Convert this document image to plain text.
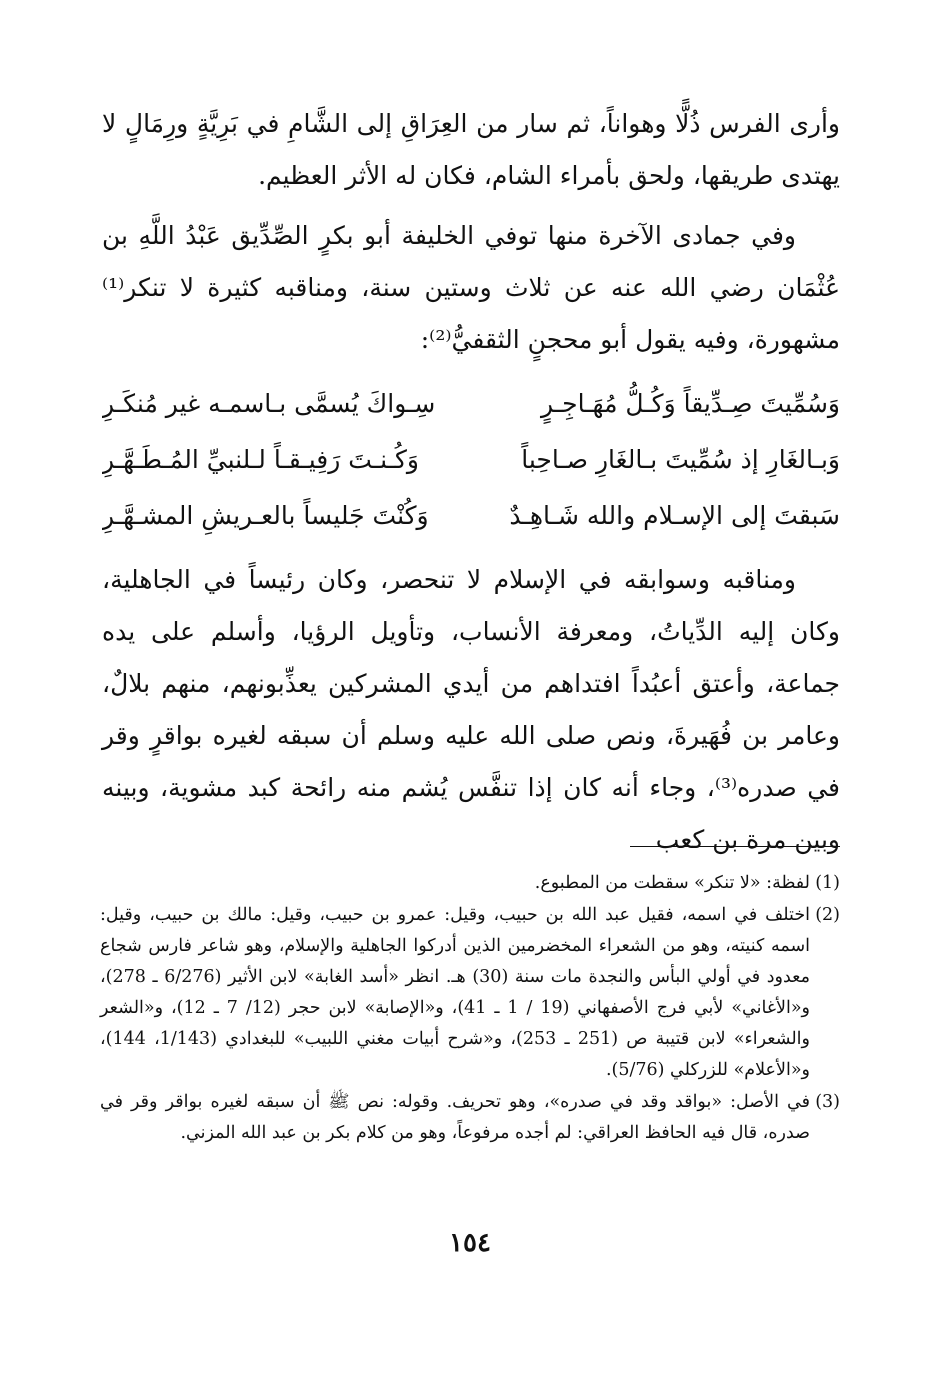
وأرى الفرس ذُلًّا وهواناً، ثم سار من العِرَاقِ إلى الشَّامِ في بَرِيَّةٍ ورِمَالٍ لا يهتدى طريقها، ولحق بأمراء الشام، فكان له الأثر العظيم.

وفي جمادى الآخرة منها توفي الخليفة أبو بكرٍ الصِّدِّيق عَبْدُ اللَّهِ بن عُثْمَان رضي الله عنه عن ثلاث وستين سنة، ومناقبه كثيرة لا تنكر⁽¹⁾ مشهورة، وفيه يقول أبو محجنٍ الثقفيُّ⁽²⁾:

وَسُمِّيتَ صِـدِّيقاً وَكُـلُّ مُهَـاجِـرٍ
سِـواكَ يُسمَّى بـاسمـه غير مُنكَـرِ
وَبـالغَارِ إذ سُمِّيتَ بـالغَارِ صـاحِباً
وَكُـنـتَ رَفِيـقـاً لـلنبيِّ المُـطَـهَّـرِ
سَبقتَ إلى الإسـلام والله شَـاهِـدٌ
وَكُنْتَ جَليساً بالعـريشِ المشـهَّـرِ

ومناقبه وسوابقه في الإسلام لا تنحصر، وكان رئيساً في الجاهلية، وكان إليه الدِّياتُ، ومعرفة الأنساب، وتأويل الرؤيا، وأسلم على يده جماعة، وأعتق أعبُداً افتداهم من أيدي المشركين يعذِّبونهم، منهم بلالٌ، وعامر بن فُهَيرةَ، ونص صلى الله عليه وسلم أن سبقه لغيره بواقرٍ وقر في صدره⁽³⁾، وجاء أنه كان إذا تنفَّس يُشم منه رائحة كبد مشوية، وبينه وبين مرة بن كعب

(1)لفظة: «لا تنكر» سقطت من المطبوع.

(2)اختلف في اسمه، فقيل عبد الله بن حبيب، وقيل: عمرو بن حبيب، وقيل: مالك بن حبيب، وقيل: اسمه كنيته، وهو من الشعراء المخضرمين الذين أدركوا الجاهلية والإسلام، وهو شاعر فارس شجاع معدود في أولي البأس والنجدة مات سنة (30) هـ. انظر «أسد الغابة» لابن الأثير (6/276 ـ 278)، و«الأغاني» لأبي فرج الأصفهاني (19 / 1 ـ 41)، و«الإصابة» لابن حجر (12/ 7 ـ 12)، و«الشعر والشعراء» لابن قتيبة ص (251 ـ 253)، و«شرح أبيات مغني اللبيب» للبغدادي (1/143، 144)، و«الأعلام» للزركلي (5/76).

(3)في الأصل: «بواقد وقد في صدره»، وهو تحريف. وقوله: نص ﷺ أن سبقه لغيره بواقر وقر في صدره، قال فيه الحافظ العراقي: لم أجده مرفوعاً، وهو من كلام بكر بن عبد الله المزني.

١٥٤
